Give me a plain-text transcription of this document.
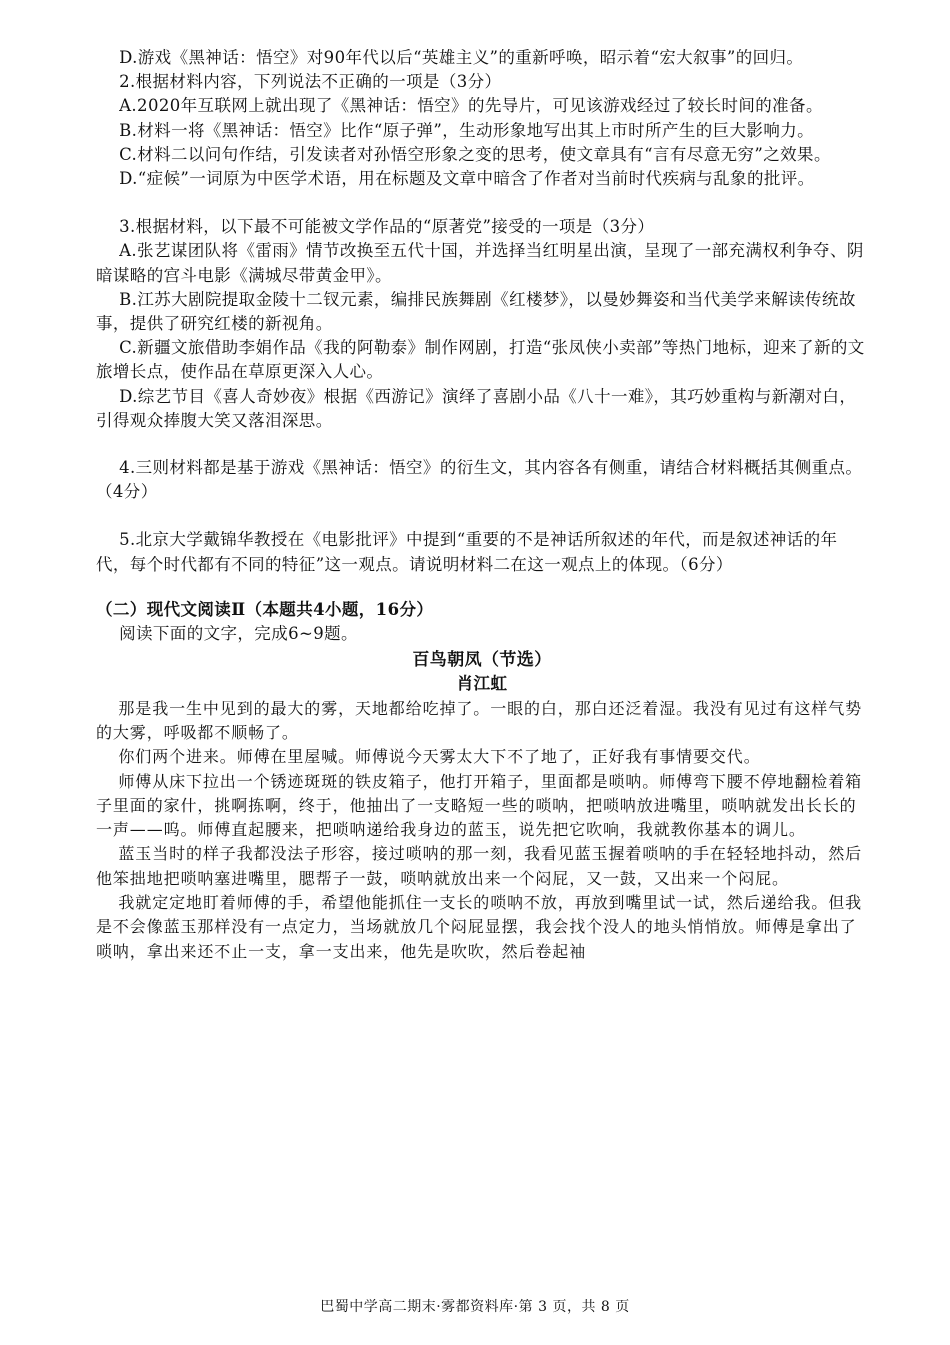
D.游戏《黑神话：悟空》对90年代以后“英雄主义”的重新呼唤，昭示着“宏大叙事”的回归。

2.根据材料内容，下列说法不正确的一项是（3分）

A.2020年互联网上就出现了《黑神话：悟空》的先导片，可见该游戏经过了较长时间的准备。

B.材料一将《黑神话：悟空》比作“原子弹”，生动形象地写出其上市时所产生的巨大影响力。

C.材料二以问句作结，引发读者对孙悟空形象之变的思考，使文章具有“言有尽意无穷”之效果。

D.“症候”一词原为中医学术语，用在标题及文章中暗含了作者对当前时代疾病与乱象的批评。

3.根据材料，以下最不可能被文学作品的“原著党”接受的一项是（3分）

A.张艺谋团队将《雷雨》情节改换至五代十国，并选择当红明星出演，呈现了一部充满权利争夺、阴暗谋略的宫斗电影《满城尽带黄金甲》。

B.江苏大剧院提取金陵十二钗元素，编排民族舞剧《红楼梦》，以曼妙舞姿和当代美学来解读传统故事，提供了研究红楼的新视角。

C.新疆文旅借助李娟作品《我的阿勒泰》制作网剧，打造“张凤侠小卖部”等热门地标，迎来了新的文旅增长点，使作品在草原更深入人心。

D.综艺节目《喜人奇妙夜》根据《西游记》演绎了喜剧小品《八十一难》，其巧妙重构与新潮对白，引得观众捧腹大笑又落泪深思。

4.三则材料都是基于游戏《黑神话：悟空》的衍生文，其内容各有侧重，请结合材料概括其侧重点。（4分）

5.北京大学戴锦华教授在《电影批评》中提到“重要的不是神话所叙述的年代，而是叙述神话的年代，每个时代都有不同的特征”这一观点。请说明材料二在这一观点上的体现。（6分）

（二）现代文阅读Ⅱ（本题共4小题，16分）

阅读下面的文字，完成6~9题。

百鸟朝凤（节选）

肖江虹

那是我一生中见到的最大的雾，天地都给吃掉了。一眼的白，那白还泛着湿。我没有见过有这样气势的大雾，呼吸都不顺畅了。

你们两个进来。师傅在里屋喊。师傅说今天雾太大下不了地了，正好我有事情要交代。

师傅从床下拉出一个锈迹斑斑的铁皮箱子，他打开箱子，里面都是唢呐。师傅弯下腰不停地翻检着箱子里面的家什，挑啊拣啊，终于，他抽出了一支略短一些的唢呐，把唢呐放进嘴里，唢呐就发出长长的一声——呜。师傅直起腰来，把唢呐递给我身边的蓝玉，说先把它吹响，我就教你基本的调儿。

蓝玉当时的样子我都没法子形容，接过唢呐的那一刻，我看见蓝玉握着唢呐的手在轻轻地抖动，然后他笨拙地把唢呐塞进嘴里，腮帮子一鼓，唢呐就放出来一个闷屁，又一鼓，又出来一个闷屁。

我就定定地盯着师傅的手，希望他能抓住一支长的唢呐不放，再放到嘴里试一试，然后递给我。但我是不会像蓝玉那样没有一点定力，当场就放几个闷屁显摆，我会找个没人的地头悄悄放。师傅是拿出了唢呐，拿出来还不止一支，拿一支出来，他先是吹吹，然后卷起袖

巴蜀中学高二期末·雾都资料库·第 3 页，共 8 页
